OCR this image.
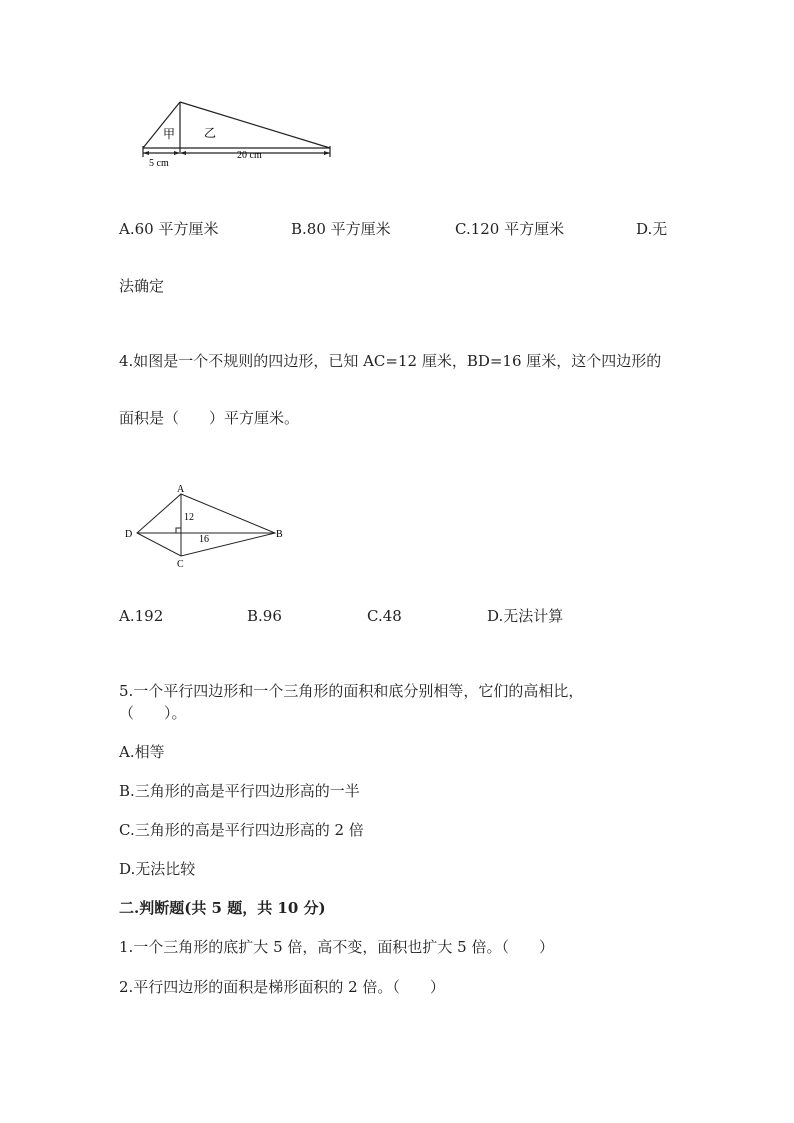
甲 乙
5 cm
20 cm
A.60 平方厘米	B.80 平方厘米	C.120 平方厘米	D.无
法确定
4.如图是一个不规则的四边形，已知 AC=12 厘米，BD=16 厘米，这个四边形的
面积是（　　）平方厘米。
A
B
C
D
12
16
A.192	B.96	C.48	D.无法计算
5.一个平行四边形和一个三角形的面积和底分别相等，它们的高相比，
（　　）。
A.相等
B.三角形的高是平行四边形高的一半
C.三角形的高是平行四边形高的 2 倍
D.无法比较
二.判断题(共 5 题，共 10 分)
1.一个三角形的底扩大 5 倍，高不变，面积也扩大 5 倍。（　　）
2.平行四边形的面积是梯形面积的 2 倍。（　　）
